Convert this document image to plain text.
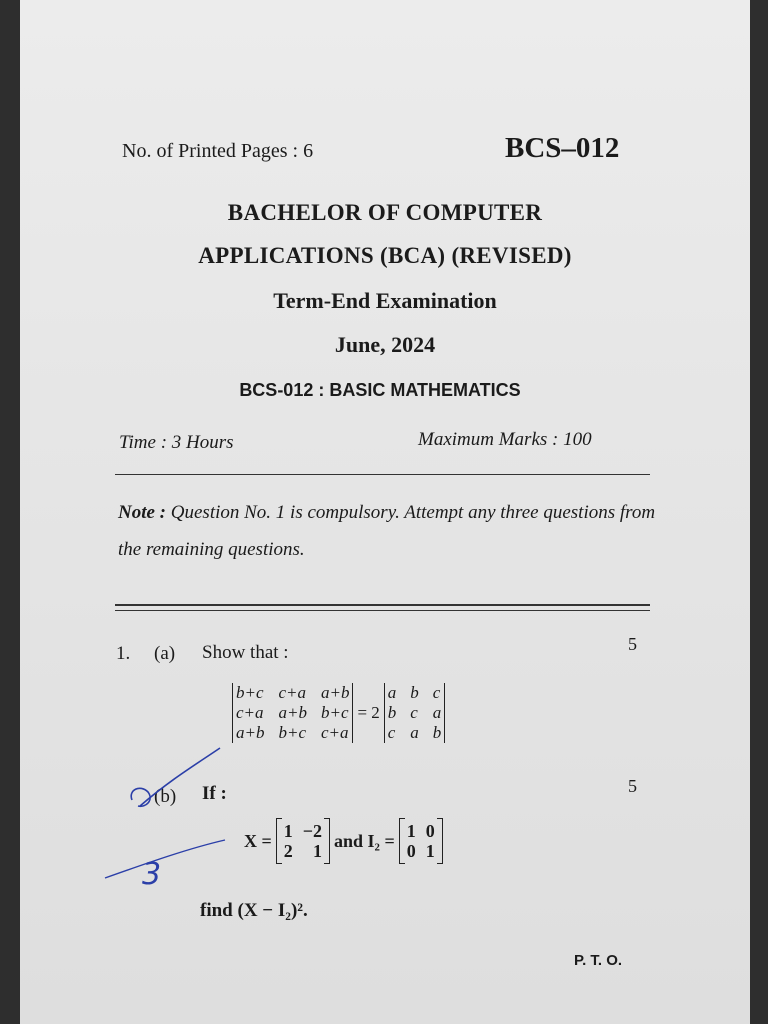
No. of Printed Pages : 6	BCS–012
BACHELOR OF COMPUTER
APPLICATIONS (BCA) (REVISED)
Term-End Examination
June, 2024
BCS-012 : BASIC MATHEMATICS
Time : 3 Hours	Maximum Marks : 100
Note : Question No. 1 is compulsory. Attempt any three questions from the remaining questions.
1. (a) Show that :	5
b+c c+a a+b
c+a a+b b+c
a+b b+c c+a
= 2
a b c
b c a
c a b
(b) If :	5
X = 1 −2
2	1
and I₂ = 1 0
0 1
find (X − I₂)².
P. T. O.
3
